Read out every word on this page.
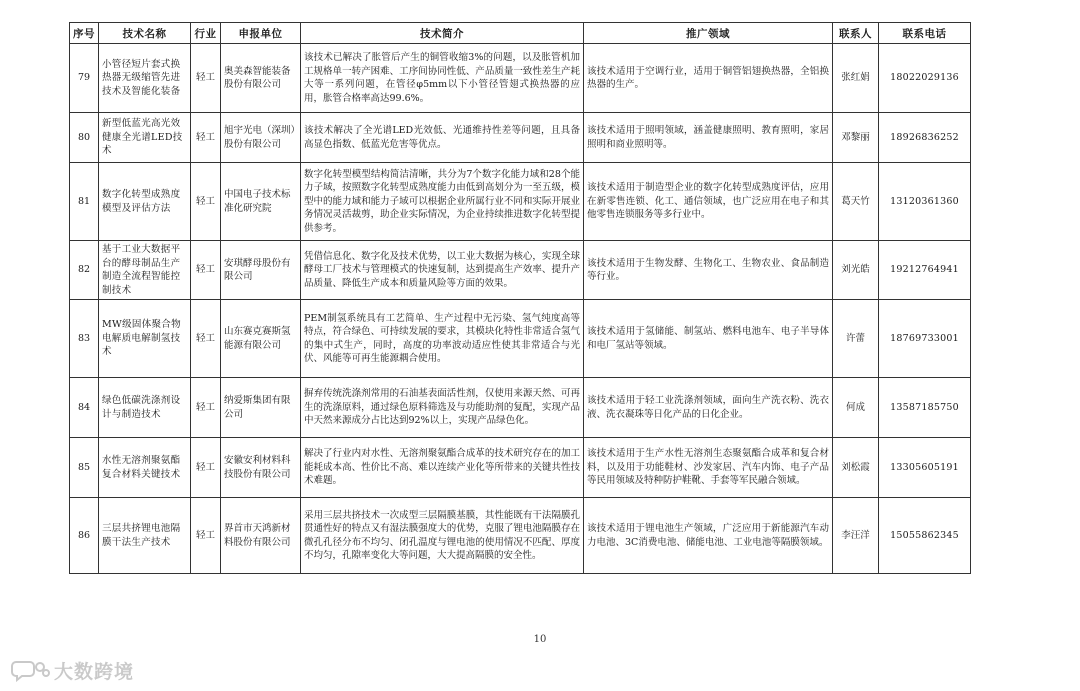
序号	技术名称	行业	申报单位	技术简介	推广领域	联系人	联系电话
79	小管径短片套式换热器无级缩管先进技术及智能化装备	轻工	奥美森智能装备股份有限公司	该技术已解决了胀管后产生的铜管收缩3%的问题，以及胀管机加工规格单一转产困难、工序间协同性低、产品质量一致性差生产耗大等一系列问题，在管径φ5mm以下小管径管翅式换热器的应用，胀管合格率高达99.6%。	该技术适用于空调行业，适用于铜管铝翅换热器，全铝换热器的生产。	张红娟	18022029136
80	新型低蓝光高光效健康全光谱LED技术	轻工	旭宇光电（深圳）股份有限公司	该技术解决了全光谱LED光效低、光通维持性差等问题，且具备高显色指数、低蓝光危害等优点。	该技术适用于照明领域，涵盖健康照明、教育照明，家居照明和商业照明等。	邓黎丽	18926836252
81	数字化转型成熟度模型及评估方法	轻工	中国电子技术标准化研究院	数字化转型模型结构简洁清晰，共分为7个数字化能力域和28个能力子域，按照数字化转型成熟度能力由低到高划分为一至五级，模型中的能力域和能力子域可以根据企业所属行业不同和实际开展业务情况灵活裁剪，助企业实际情况，为企业持续推进数字化转型提供参考。	该技术适用于制造型企业的数字化转型成熟度评估，应用在新零售连锁、化工、通信领域，也广泛应用在电子和其他零售连锁服务等多行业中。	葛天竹	13120361360
82	基于工业大数据平台的酵母制品生产制造全流程智能控制技术	轻工	安琪酵母股份有限公司	凭借信息化、数字化及技术优势，以工业大数据为核心，实现全球酵母工厂技术与管理模式的快速复制，达到提高生产效率、提升产品质量、降低生产成本和质量风险等方面的效果。	该技术适用于生物发酵、生物化工、生物农业、食品制造等行业。	刘光皓	19212764941
83	MW级固体聚合物电解质电解制氢技术	轻工	山东赛克赛斯氢能源有限公司	PEM制氢系统具有工艺简单、生产过程中无污染、氢气纯度高等特点，符合绿色、可持续发展的要求，其模块化特性非常适合氢气的集中式生产，同时，高度的功率波动适应性使其非常适合与光伏、风能等可再生能源耦合使用。	该技术适用于氢储能、制氢站、燃料电池车、电子半导体和电厂氢站等领域。	许蕾	18769733001
84	绿色低碳洗涤剂设计与制造技术	轻工	纳爱斯集团有限公司	摒弃传统洗涤剂常用的石油基表面活性剂，仅使用来源天然、可再生的洗涤原料，通过绿色原料筛选及与功能助剂的复配，实现产品中天然来源成分占比达到92%以上，实现产品绿色化。	该技术适用于轻工业洗涤剂领域，面向生产洗衣粉、洗衣液、洗衣凝珠等日化产品的日化企业。	何成	13587185750
85	水性无溶剂聚氨酯复合材料关键技术	轻工	安徽安利材料科技股份有限公司	解决了行业内对水性、无溶剂聚氨酯合成革的技术研究存在的加工能耗成本高、性价比不高、难以连续产业化等所带来的关键共性技术难题。	该技术适用于生产水性无溶剂生态聚氨酯合成革和复合材料，以及用于功能鞋材、沙发家居、汽车内饰、电子产品等民用领域及特种防护鞋靴、手套等军民融合领域。	刘松霞	13305605191
86	三层共挤锂电池隔膜干法生产技术	轻工	界首市天鸿新材料股份有限公司	采用三层共挤技术一次成型三层隔膜基膜，其性能既有干法隔膜孔贯通性好的特点又有湿法膜强度大的优势，克服了锂电池隔膜存在微孔孔径分布不均匀、闭孔温度与锂电池的使用情况不匹配、厚度不均匀，孔隙率变化大等问题，大大提高隔膜的安全性。	该技术适用于锂电池生产领域，广泛应用于新能源汽车动力电池、3C消费电池、储能电池、工业电池等隔膜领域。	李汪洋	15055862345
10
大数跨境
